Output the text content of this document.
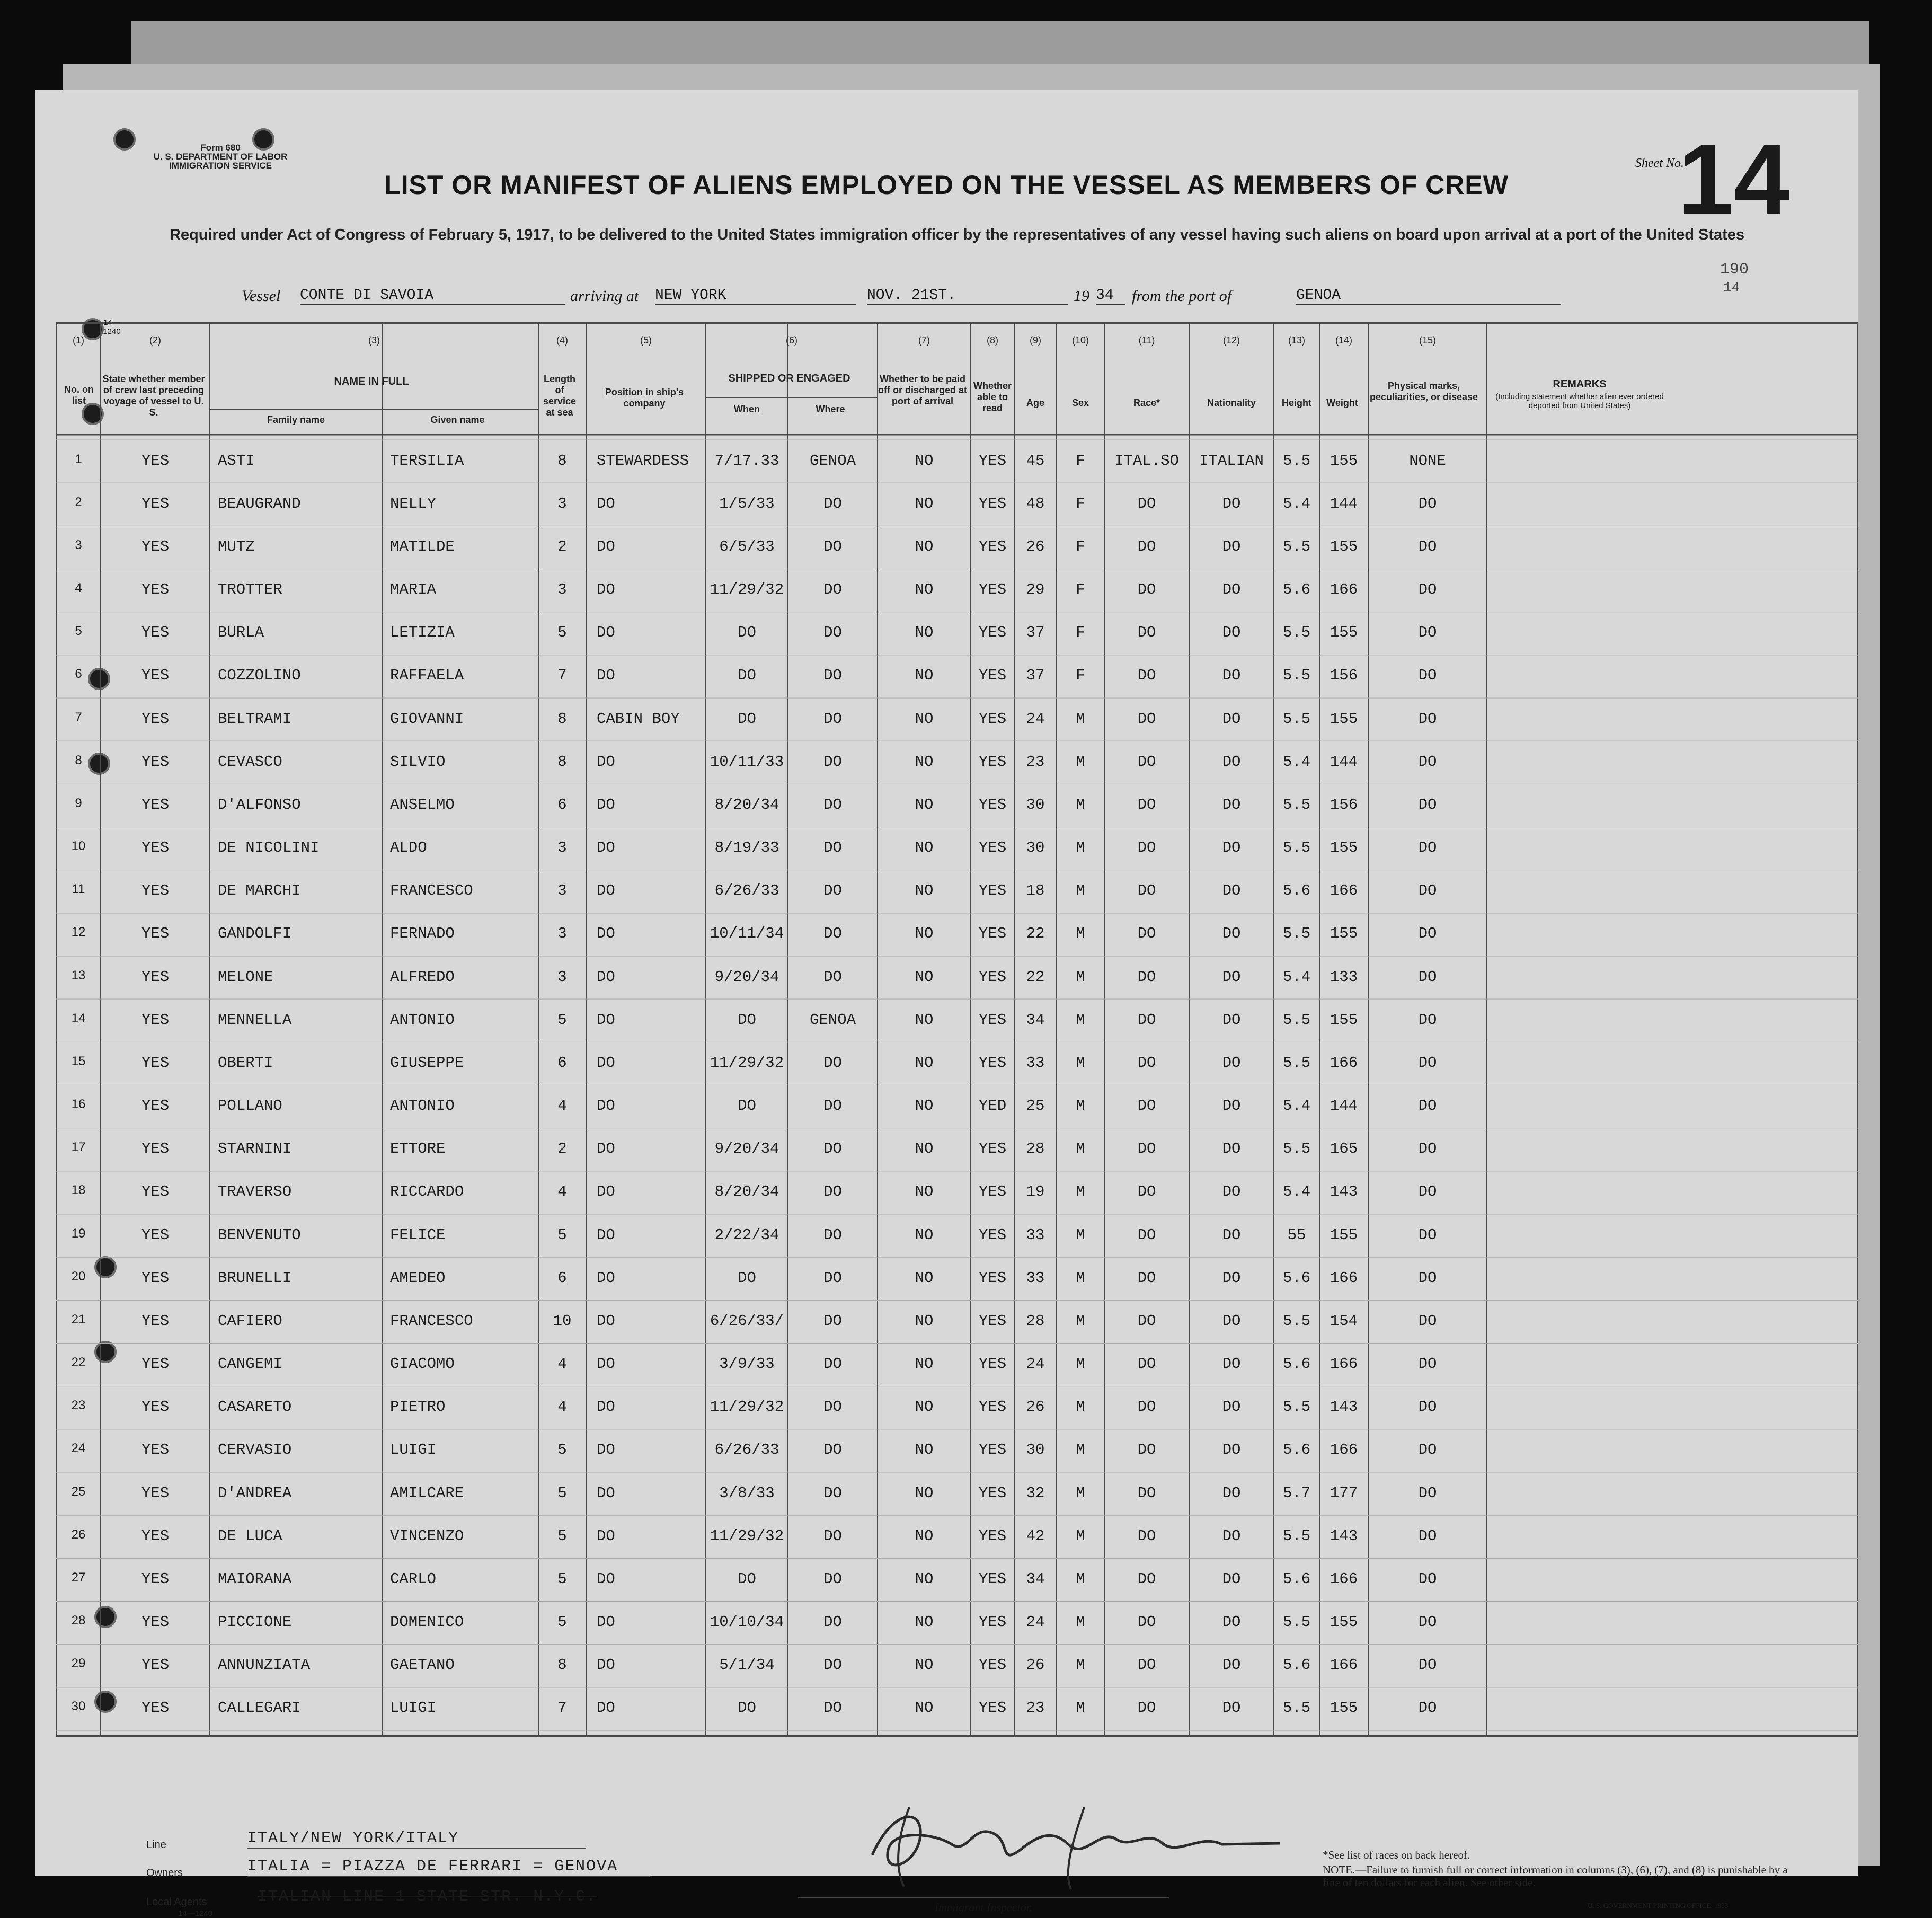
Form 680
U. S. DEPARTMENT OF LABOR
IMMIGRATION SERVICE	Sheet No.
14
190
14
LIST OR MANIFEST OF ALIENS EMPLOYED ON THE VESSEL AS MEMBERS OF CREW
Required under Act of Congress of February 5, 1917, to be delivered to the United States immigration officer by the representatives of any vessel having such aliens on board upon arrival at a port of the United States
Vessel CONTE DI SAVOIA	arriving at NEW YORK	NOV. 21ST.	19 34	from the port of	GENOA
14—1240
No. on list
State whether member of crew last preceding voyage of vessel to U. S.
NAME IN FULL
Family name	Given name
Length of service at sea
Position in ship's company
SHIPPED OR ENGAGED
When	Where
Whether to be paid off or discharged at port of arrival
Whether able to read	Age	Sex	Race*	Nationality	Height	Weight
Physical marks, peculiarities, or disease
REMARKS
(Including statement whether alien ever ordered deported from United States)
(1)	(2)	(3)	(4)	(5)	(6)	(7)	(8)	(9)	(10)	(11)	(12)	(13)	(14)	(15)
1	YES	ASTI	TERSILIA	8	STEWARDESS	7/17.33	GENOA	NO	YES	45	F	ITAL.SO	ITALIAN	5.5	155	NONE
2	YES	BEAUGRAND	NELLY	3	DO	1/5/33	DO	NO	YES	48	F	DO	DO	5.4	144	DO
3	YES	MUTZ	MATILDE	2	DO	6/5/33	DO	NO	YES	26	F	DO	DO	5.5	155	DO
4	YES	TROTTER	MARIA	3	DO	11/29/32	DO	NO	YES	29	F	DO	DO	5.6	166	DO
5	YES	BURLA	LETIZIA	5	DO	DO	DO	NO	YES	37	F	DO	DO	5.5	155	DO
6	YES	COZZOLINO	RAFFAELA	7	DO	DO	DO	NO	YES	37	F	DO	DO	5.5	156	DO
7	YES	BELTRAMI	GIOVANNI	8	CABIN BOY	DO	DO	NO	YES	24	M	DO	DO	5.5	155	DO
8	YES	CEVASCO	SILVIO	8	DO	10/11/33	DO	NO	YES	23	M	DO	DO	5.4	144	DO
9	YES	D'ALFONSO	ANSELMO	6	DO	8/20/34	DO	NO	YES	30	M	DO	DO	5.5	156	DO
10	YES	DE NICOLINI	ALDO	3	DO	8/19/33	DO	NO	YES	30	M	DO	DO	5.5	155	DO
11	YES	DE MARCHI	FRANCESCO	3	DO	6/26/33	DO	NO	YES	18	M	DO	DO	5.6	166	DO
12	YES	GANDOLFI	FERNADO	3	DO	10/11/34	DO	NO	YES	22	M	DO	DO	5.5	155	DO
13	YES	MELONE	ALFREDO	3	DO	9/20/34	DO	NO	YES	22	M	DO	DO	5.4	133	DO
14	YES	MENNELLA	ANTONIO	5	DO	DO	GENOA	NO	YES	34	M	DO	DO	5.5	155	DO
15	YES	OBERTI	GIUSEPPE	6	DO	11/29/32	DO	NO	YES	33	M	DO	DO	5.5	166	DO
16	YES	POLLANO	ANTONIO	4	DO	DO	DO	NO	YED	25	M	DO	DO	5.4	144	DO
17	YES	STARNINI	ETTORE	2	DO	9/20/34	DO	NO	YES	28	M	DO	DO	5.5	165	DO
18	YES	TRAVERSO	RICCARDO	4	DO	8/20/34	DO	NO	YES	19	M	DO	DO	5.4	143	DO
19	YES	BENVENUTO	FELICE	5	DO	2/22/34	DO	NO	YES	33	M	DO	DO	55	155	DO
20	YES	BRUNELLI	AMEDEO	6	DO	DO	DO	NO	YES	33	M	DO	DO	5.6	166	DO
21	YES	CAFIERO	FRANCESCO	10	DO	6/26/33/	DO	NO	YES	28	M	DO	DO	5.5	154	DO
22	YES	CANGEMI	GIACOMO	4	DO	3/9/33	DO	NO	YES	24	M	DO	DO	5.6	166	DO
23	YES	CASARETO	PIETRO	4	DO	11/29/32	DO	NO	YES	26	M	DO	DO	5.5	143	DO
24	YES	CERVASIO	LUIGI	5	DO	6/26/33	DO	NO	YES	30	M	DO	DO	5.6	166	DO
25	YES	D'ANDREA	AMILCARE	5	DO	3/8/33	DO	NO	YES	32	M	DO	DO	5.7	177	DO
26	YES	DE LUCA	VINCENZO	5	DO	11/29/32	DO	NO	YES	42	M	DO	DO	5.5	143	DO
27	YES	MAIORANA	CARLO	5	DO	DO	DO	NO	YES	34	M	DO	DO	5.6	166	DO
28	YES	PICCIONE	DOMENICO	5	DO	10/10/34	DO	NO	YES	24	M	DO	DO	5.5	155	DO
29	YES	ANNUNZIATA	GAETANO	8	DO	5/1/34	DO	NO	YES	26	M	DO	DO	5.6	166	DO
30	YES	CALLEGARI	LUIGI	7	DO	DO	DO	NO	YES	23	M	DO	DO	5.5	155	DO
Line	ITALY/NEW YORK/ITALY
Owners	ITALIA = PIAZZA DE FERRARI = GENOVA
Local Agents	ITALIAN LINE 1 STATE STR. N.Y.C.
14—1240	Immigrant Inspector.
*See list of races on back hereof.
NOTE.—Failure to furnish full or correct information in columns (3), (6), (7), and (8) is punishable by a fine of ten dollars for each alien. See other side.
U. S. GOVERNMENT PRINTING OFFICE: 1933
